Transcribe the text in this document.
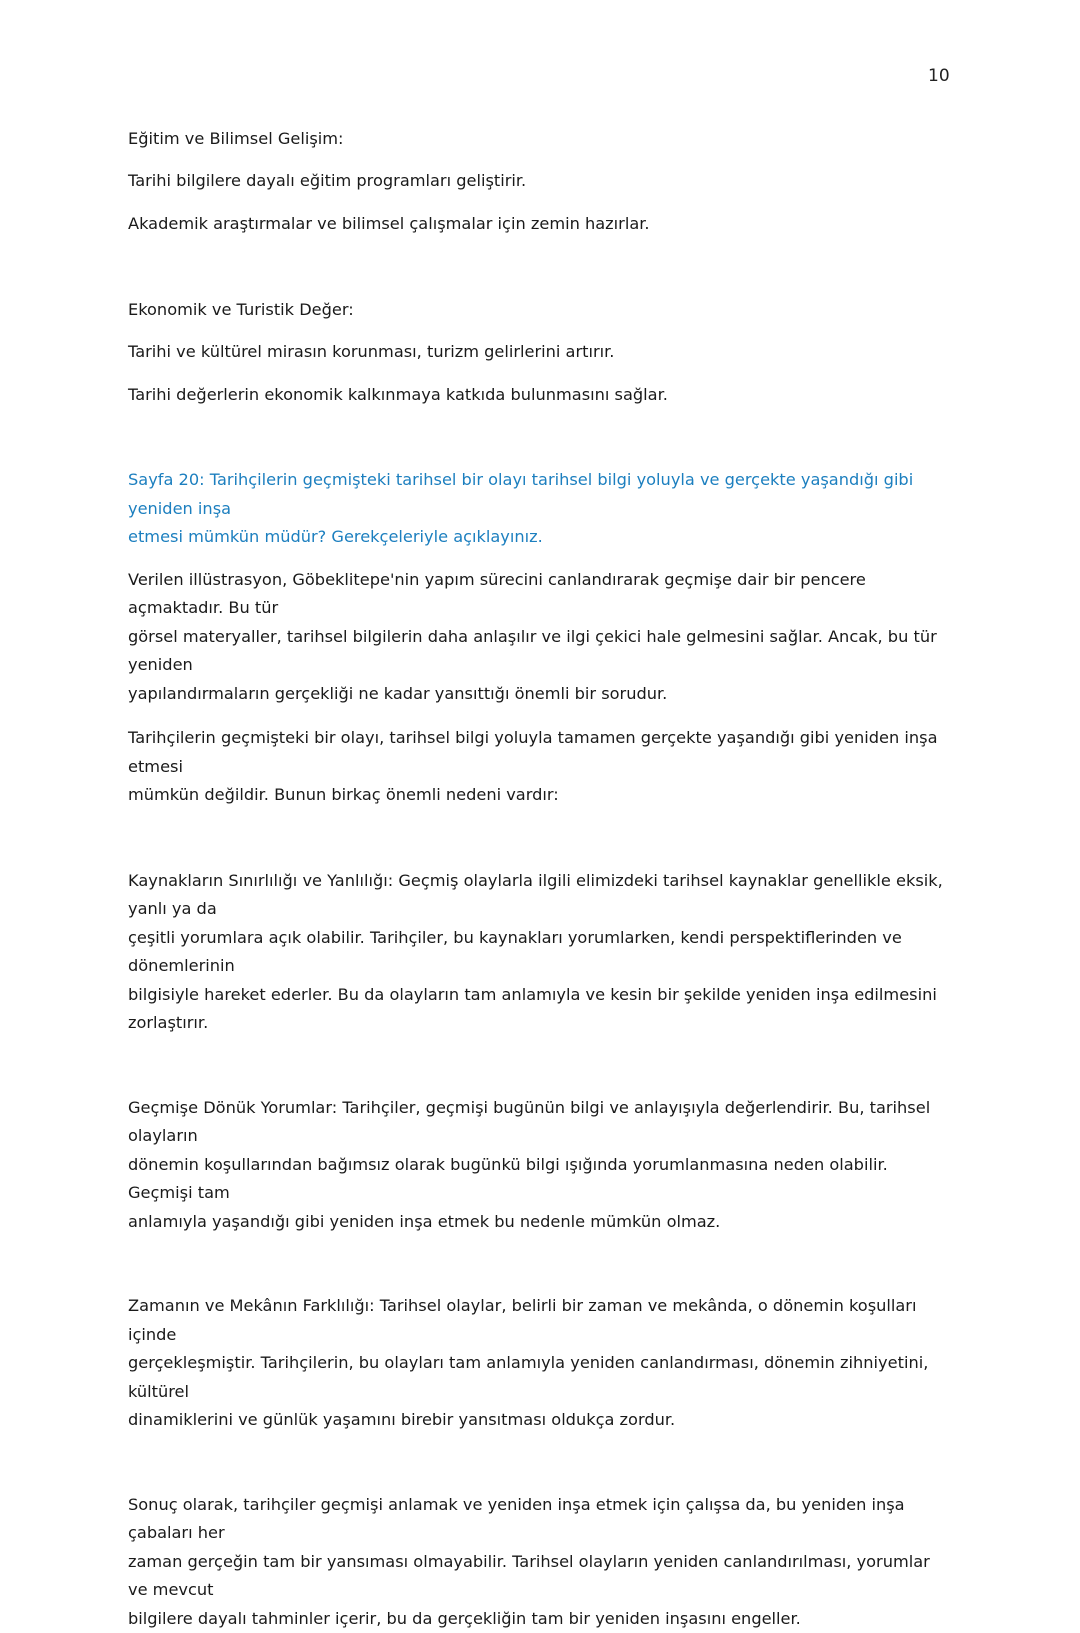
10

Eğitim ve Bilimsel Gelişim:

Tarihi bilgilere dayalı eğitim programları geliştirir.

Akademik araştırmalar ve bilimsel çalışmalar için zemin hazırlar.

Ekonomik ve Turistik Değer:

Tarihi ve kültürel mirasın korunması, turizm gelirlerini artırır.

Tarihi değerlerin ekonomik kalkınmaya katkıda bulunmasını sağlar.

Sayfa 20: Tarihçilerin geçmişteki tarihsel bir olayı tarihsel bilgi yoluyla ve gerçekte yaşandığı gibi yeniden inşa
etmesi mümkün müdür? Gerekçeleriyle açıklayınız.

Verilen illüstrasyon, Göbeklitepe'nin yapım sürecini canlandırarak geçmişe dair bir pencere açmaktadır. Bu tür
görsel materyaller, tarihsel bilgilerin daha anlaşılır ve ilgi çekici hale gelmesini sağlar. Ancak, bu tür yeniden
yapılandırmaların gerçekliği ne kadar yansıttığı önemli bir sorudur.

Tarihçilerin geçmişteki bir olayı, tarihsel bilgi yoluyla tamamen gerçekte yaşandığı gibi yeniden inşa etmesi
mümkün değildir. Bunun birkaç önemli nedeni vardır:

Kaynakların Sınırlılığı ve Yanlılığı: Geçmiş olaylarla ilgili elimizdeki tarihsel kaynaklar genellikle eksik, yanlı ya da
çeşitli yorumlara açık olabilir. Tarihçiler, bu kaynakları yorumlarken, kendi perspektiflerinden ve dönemlerinin
bilgisiyle hareket ederler. Bu da olayların tam anlamıyla ve kesin bir şekilde yeniden inşa edilmesini zorlaştırır.

Geçmişe Dönük Yorumlar: Tarihçiler, geçmişi bugünün bilgi ve anlayışıyla değerlendirir. Bu, tarihsel olayların
dönemin koşullarından bağımsız olarak bugünkü bilgi ışığında yorumlanmasına neden olabilir. Geçmişi tam
anlamıyla yaşandığı gibi yeniden inşa etmek bu nedenle mümkün olmaz.

Zamanın ve Mekânın Farklılığı: Tarihsel olaylar, belirli bir zaman ve mekânda, o dönemin koşulları içinde
gerçekleşmiştir. Tarihçilerin, bu olayları tam anlamıyla yeniden canlandırması, dönemin zihniyetini, kültürel
dinamiklerini ve günlük yaşamını birebir yansıtması oldukça zordur.

Sonuç olarak, tarihçiler geçmişi anlamak ve yeniden inşa etmek için çalışsa da, bu yeniden inşa çabaları her
zaman gerçeğin tam bir yansıması olmayabilir. Tarihsel olayların yeniden canlandırılması, yorumlar ve mevcut
bilgilere dayalı tahminler içerir, bu da gerçekliğin tam bir yeniden inşasını engeller.
